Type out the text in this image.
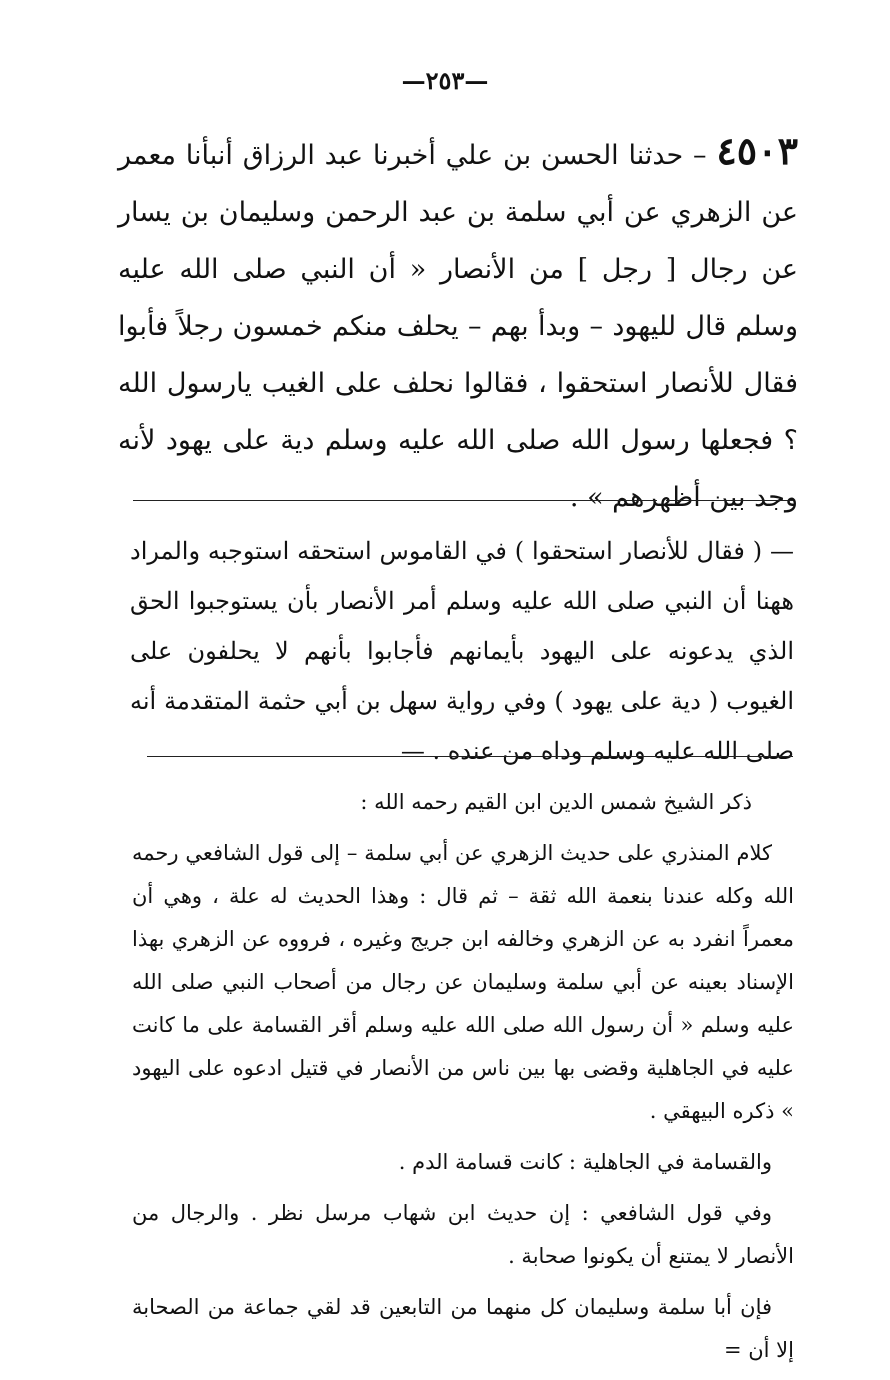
—٢٥٣—
٤٥٠٣ – حدثنا الحسن بن علي أخبرنا عبد الرزاق أنبأنا معمر عن الزهري عن أبي سلمة بن عبد الرحمن وسليمان بن يسار عن رجال [ رجل ] من الأنصار « أن النبي صلى الله عليه وسلم قال لليهود – وبدأ بهم – يحلف منكم خمسون رجلاً فأبوا فقال للأنصار استحقوا ، فقالوا نحلف على الغيب يارسول الله ؟ فجعلها رسول الله صلى الله عليه وسلم دية على يهود لأنه وجد بين أظهرهم » .
— ( فقال للأنصار استحقوا ) في القاموس استحقه استوجبه والمراد ههنا أن النبي صلى الله عليه وسلم أمر الأنصار بأن يستوجبوا الحق الذي يدعونه على اليهود بأيمانهم فأجابوا بأنهم لا يحلفون على الغيوب ( دية على يهود ) وفي رواية سهل بن أبي حثمة المتقدمة أنه صلى الله عليه وسلم وداه من عنده . —
ذكر الشيخ شمس الدين ابن القيم رحمه الله :

كلام المنذري على حديث الزهري عن أبي سلمة – إلى قول الشافعي رحمه الله وكله عندنا بنعمة الله ثقة – ثم قال : وهذا الحديث له علة ، وهي أن معمراً انفرد به عن الزهري وخالفه ابن جريج وغيره ، فرووه عن الزهري بهذا الإسناد بعينه عن أبي سلمة وسليمان عن رجال من أصحاب النبي صلى الله عليه وسلم « أن رسول الله صلى الله عليه وسلم أقر القسامة على ما كانت عليه في الجاهلية وقضى بها بين ناس من الأنصار في قتيل ادعوه على اليهود » ذكره البيهقي .

والقسامة في الجاهلية : كانت قسامة الدم .

وفي قول الشافعي : إن حديث ابن شهاب مرسل نظر . والرجال من الأنصار لا يمتنع أن يكونوا صحابة .

فإن أبا سلمة وسليمان كل منهما من التابعين قد لقي جماعة من الصحابة إلا أن =
